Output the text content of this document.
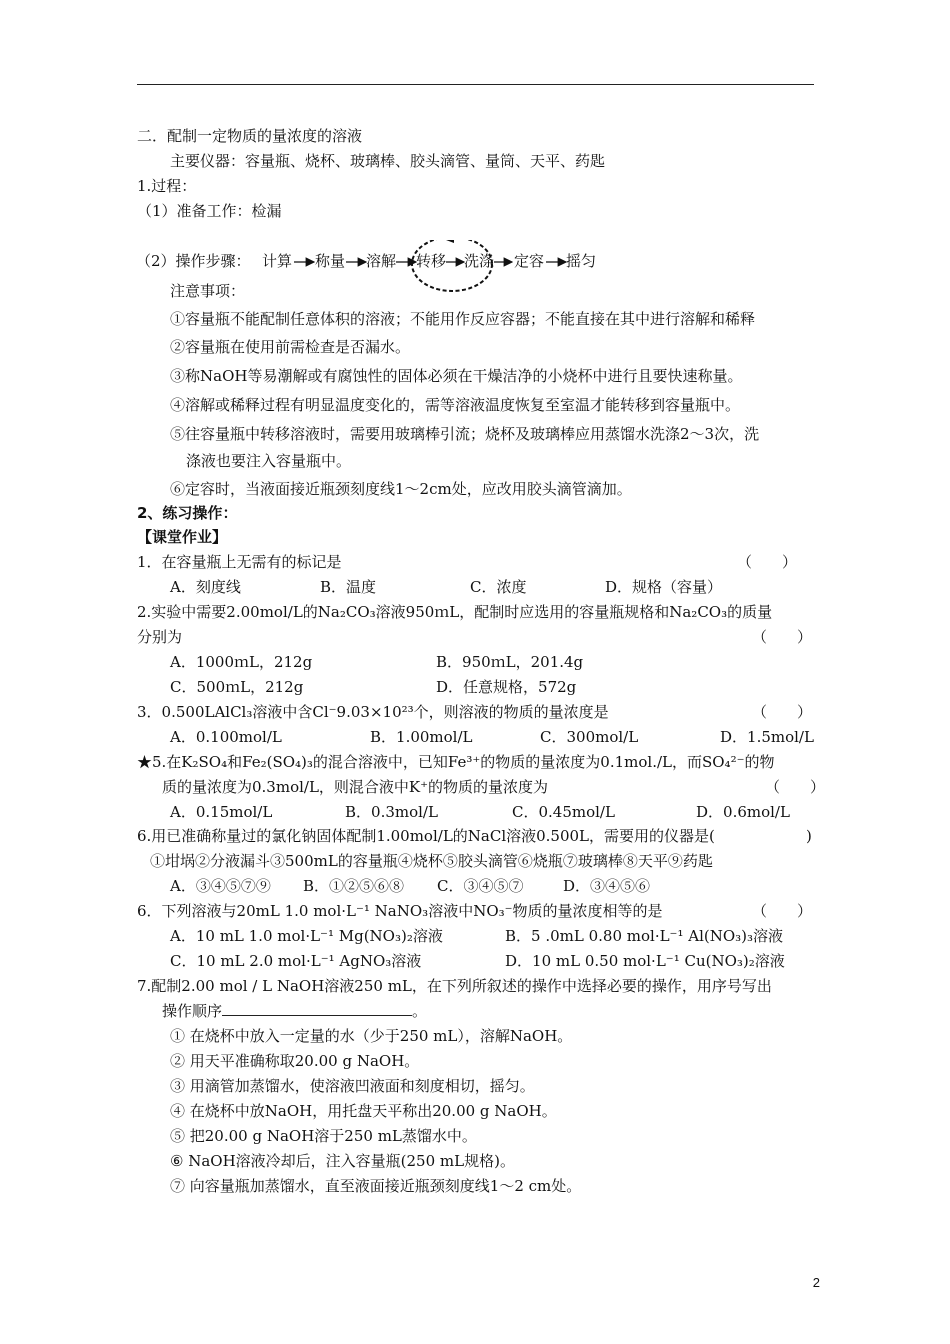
二．配制一定物质的量浓度的溶液
主要仪器：容量瓶、烧杯、玻璃棒、胶头滴管、量筒、天平、药匙
1.过程：
（1）准备工作：检漏
（2）操作步骤： 计算 称量 溶解 转移 洗涤 定容 摇匀
注意事项：
①容量瓶不能配制任意体积的溶液；不能用作反应容器；不能直接在其中进行溶解和稀释
②容量瓶在使用前需检查是否漏水。
③称NaOH等易潮解或有腐蚀性的固体必须在干燥洁净的小烧杯中进行且要快速称量。
④溶解或稀释过程有明显温度变化的，需等溶液温度恢复至室温才能转移到容量瓶中。
⑤往容量瓶中转移溶液时，需要用玻璃棒引流；烧杯及玻璃棒应用蒸馏水洗涤2～3次，洗
涤液也要注入容量瓶中。
⑥定容时，当液面接近瓶颈刻度线1～2cm处，应改用胶头滴管滴加。
2、练习操作：
【课堂作业】
1．在容量瓶上无需有的标记是	（　　）
A．刻度线	B．温度	C．浓度	D．规格（容量）
2.实验中需要2.00mol/L的Na₂CO₃溶液950ｍL，配制时应选用的容量瓶规格和Na₂CO₃的质量
分别为	（　　）
A．1000ｍL，212g	B．950ｍL，201.4g
C．500ｍL，212g	D．任意规格，572g
3．0.500LAlCl₃溶液中含Cl⁻9.03×10²³个，则溶液的物质的量浓度是	（　　）
A．0.100mol/L	B．1.00mol/L	C．300mol/L	D．1.5mol/L
★5.在K₂SO₄和Fe₂(SO₄)₃的混合溶液中，已知Fe³⁺的物质的量浓度为0.1mol./L，而SO₄²⁻的物
质的量浓度为0.3mol/L，则混合液中K⁺的物质的量浓度为	（　　）
A．0.15mol/L	B．0.3mol/L	C．0.45mol/L	D．0.6mol/L
6.用已准确称量过的氯化钠固体配制1.00mol/L的NaCl溶液0.500L，需要用的仪器是(	)
①坩埚②分液漏斗③500mL的容量瓶④烧杯⑤胶头滴管⑥烧瓶⑦玻璃棒⑧天平⑨药匙
A．③④⑤⑦⑨ B．①②⑤⑥⑧ C．③④⑤⑦	D．③④⑤⑥
6．下列溶液与20mL 1.0 mol·L⁻¹ NaNO₃溶液中NO₃⁻物质的量浓度相等的是	（　　）
A．10 mL 1.0 mol·L⁻¹ Mg(NO₃)₂溶液	B．5 .0mL 0.80 mol·L⁻¹ Al(NO₃)₃溶液
C．10 mL 2.0 mol·L⁻¹ AgNO₃溶液	D．10 mL 0.50 mol·L⁻¹ Cu(NO₃)₂溶液
7.配制2.00 mol / L NaOH溶液250 mL，在下列所叙述的操作中选择必要的操作，用序号写出
操作顺序	。
① 在烧杯中放入一定量的水（少于250 mL），溶解NaOH。
② 用天平准确称取20.00 g NaOH。
③ 用滴管加蒸馏水，使溶液凹液面和刻度相切，摇匀。
④ 在烧杯中放NaOH，用托盘天平称出20.00 g NaOH。
⑤ 把20.00 g NaOH溶于250 mL蒸馏水中。
⑥ NaOH溶液冷却后，注入容量瓶(250 mL规格)。
⑦ 向容量瓶加蒸馏水，直至液面接近瓶颈刻度线1～2 cm处。
2
